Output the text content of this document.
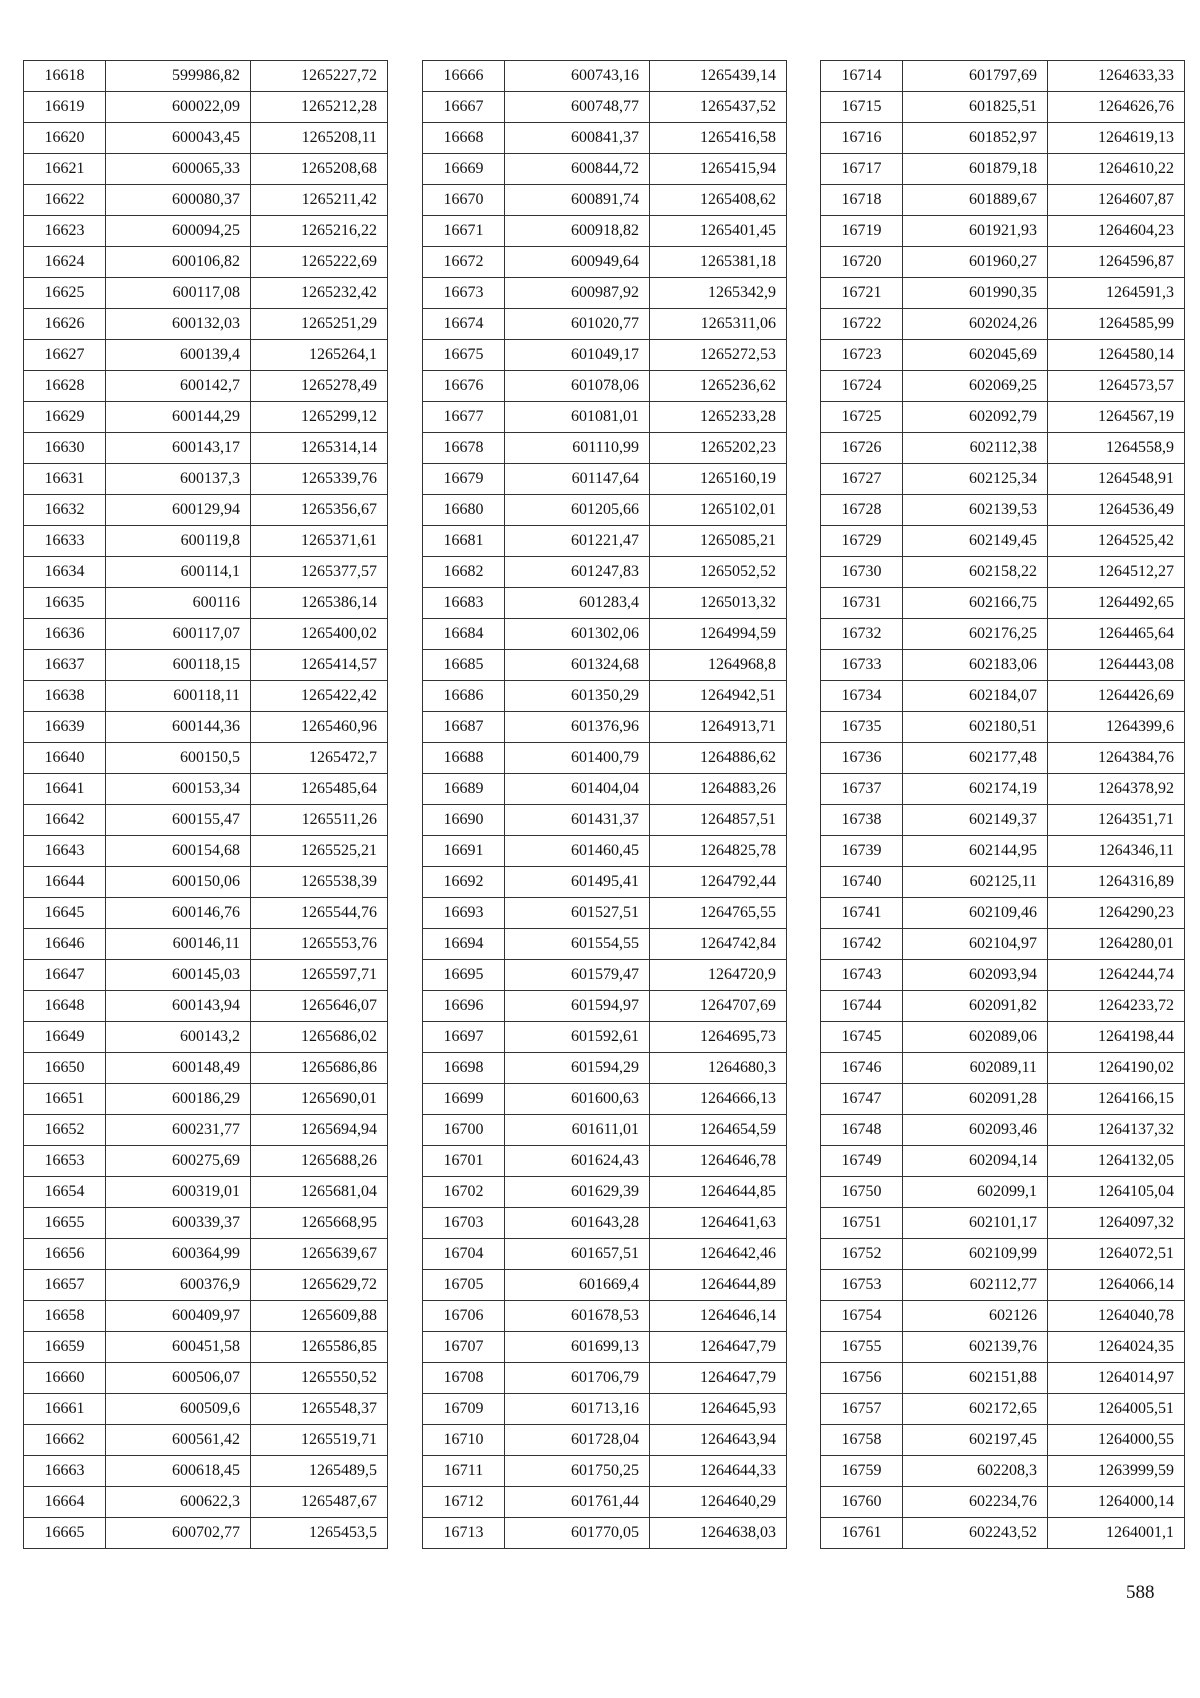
16618	599986,82	1265227,72
16619	600022,09	1265212,28
16620	600043,45	1265208,11
16621	600065,33	1265208,68
16622	600080,37	1265211,42
16623	600094,25	1265216,22
16624	600106,82	1265222,69
16625	600117,08	1265232,42
16626	600132,03	1265251,29
16627	600139,4	1265264,1
16628	600142,7	1265278,49
16629	600144,29	1265299,12
16630	600143,17	1265314,14
16631	600137,3	1265339,76
16632	600129,94	1265356,67
16633	600119,8	1265371,61
16634	600114,1	1265377,57
16635	600116	1265386,14
16636	600117,07	1265400,02
16637	600118,15	1265414,57
16638	600118,11	1265422,42
16639	600144,36	1265460,96
16640	600150,5	1265472,7
16641	600153,34	1265485,64
16642	600155,47	1265511,26
16643	600154,68	1265525,21
16644	600150,06	1265538,39
16645	600146,76	1265544,76
16646	600146,11	1265553,76
16647	600145,03	1265597,71
16648	600143,94	1265646,07
16649	600143,2	1265686,02
16650	600148,49	1265686,86
16651	600186,29	1265690,01
16652	600231,77	1265694,94
16653	600275,69	1265688,26
16654	600319,01	1265681,04
16655	600339,37	1265668,95
16656	600364,99	1265639,67
16657	600376,9	1265629,72
16658	600409,97	1265609,88
16659	600451,58	1265586,85
16660	600506,07	1265550,52
16661	600509,6	1265548,37
16662	600561,42	1265519,71
16663	600618,45	1265489,5
16664	600622,3	1265487,67
16665	600702,77	1265453,5
16666	600743,16	1265439,14
16667	600748,77	1265437,52
16668	600841,37	1265416,58
16669	600844,72	1265415,94
16670	600891,74	1265408,62
16671	600918,82	1265401,45
16672	600949,64	1265381,18
16673	600987,92	1265342,9
16674	601020,77	1265311,06
16675	601049,17	1265272,53
16676	601078,06	1265236,62
16677	601081,01	1265233,28
16678	601110,99	1265202,23
16679	601147,64	1265160,19
16680	601205,66	1265102,01
16681	601221,47	1265085,21
16682	601247,83	1265052,52
16683	601283,4	1265013,32
16684	601302,06	1264994,59
16685	601324,68	1264968,8
16686	601350,29	1264942,51
16687	601376,96	1264913,71
16688	601400,79	1264886,62
16689	601404,04	1264883,26
16690	601431,37	1264857,51
16691	601460,45	1264825,78
16692	601495,41	1264792,44
16693	601527,51	1264765,55
16694	601554,55	1264742,84
16695	601579,47	1264720,9
16696	601594,97	1264707,69
16697	601592,61	1264695,73
16698	601594,29	1264680,3
16699	601600,63	1264666,13
16700	601611,01	1264654,59
16701	601624,43	1264646,78
16702	601629,39	1264644,85
16703	601643,28	1264641,63
16704	601657,51	1264642,46
16705	601669,4	1264644,89
16706	601678,53	1264646,14
16707	601699,13	1264647,79
16708	601706,79	1264647,79
16709	601713,16	1264645,93
16710	601728,04	1264643,94
16711	601750,25	1264644,33
16712	601761,44	1264640,29
16713	601770,05	1264638,03
16714	601797,69	1264633,33
16715	601825,51	1264626,76
16716	601852,97	1264619,13
16717	601879,18	1264610,22
16718	601889,67	1264607,87
16719	601921,93	1264604,23
16720	601960,27	1264596,87
16721	601990,35	1264591,3
16722	602024,26	1264585,99
16723	602045,69	1264580,14
16724	602069,25	1264573,57
16725	602092,79	1264567,19
16726	602112,38	1264558,9
16727	602125,34	1264548,91
16728	602139,53	1264536,49
16729	602149,45	1264525,42
16730	602158,22	1264512,27
16731	602166,75	1264492,65
16732	602176,25	1264465,64
16733	602183,06	1264443,08
16734	602184,07	1264426,69
16735	602180,51	1264399,6
16736	602177,48	1264384,76
16737	602174,19	1264378,92
16738	602149,37	1264351,71
16739	602144,95	1264346,11
16740	602125,11	1264316,89
16741	602109,46	1264290,23
16742	602104,97	1264280,01
16743	602093,94	1264244,74
16744	602091,82	1264233,72
16745	602089,06	1264198,44
16746	602089,11	1264190,02
16747	602091,28	1264166,15
16748	602093,46	1264137,32
16749	602094,14	1264132,05
16750	602099,1	1264105,04
16751	602101,17	1264097,32
16752	602109,99	1264072,51
16753	602112,77	1264066,14
16754	602126	1264040,78
16755	602139,76	1264024,35
16756	602151,88	1264014,97
16757	602172,65	1264005,51
16758	602197,45	1264000,55
16759	602208,3	1263999,59
16760	602234,76	1264000,14
16761	602243,52	1264001,1
588
